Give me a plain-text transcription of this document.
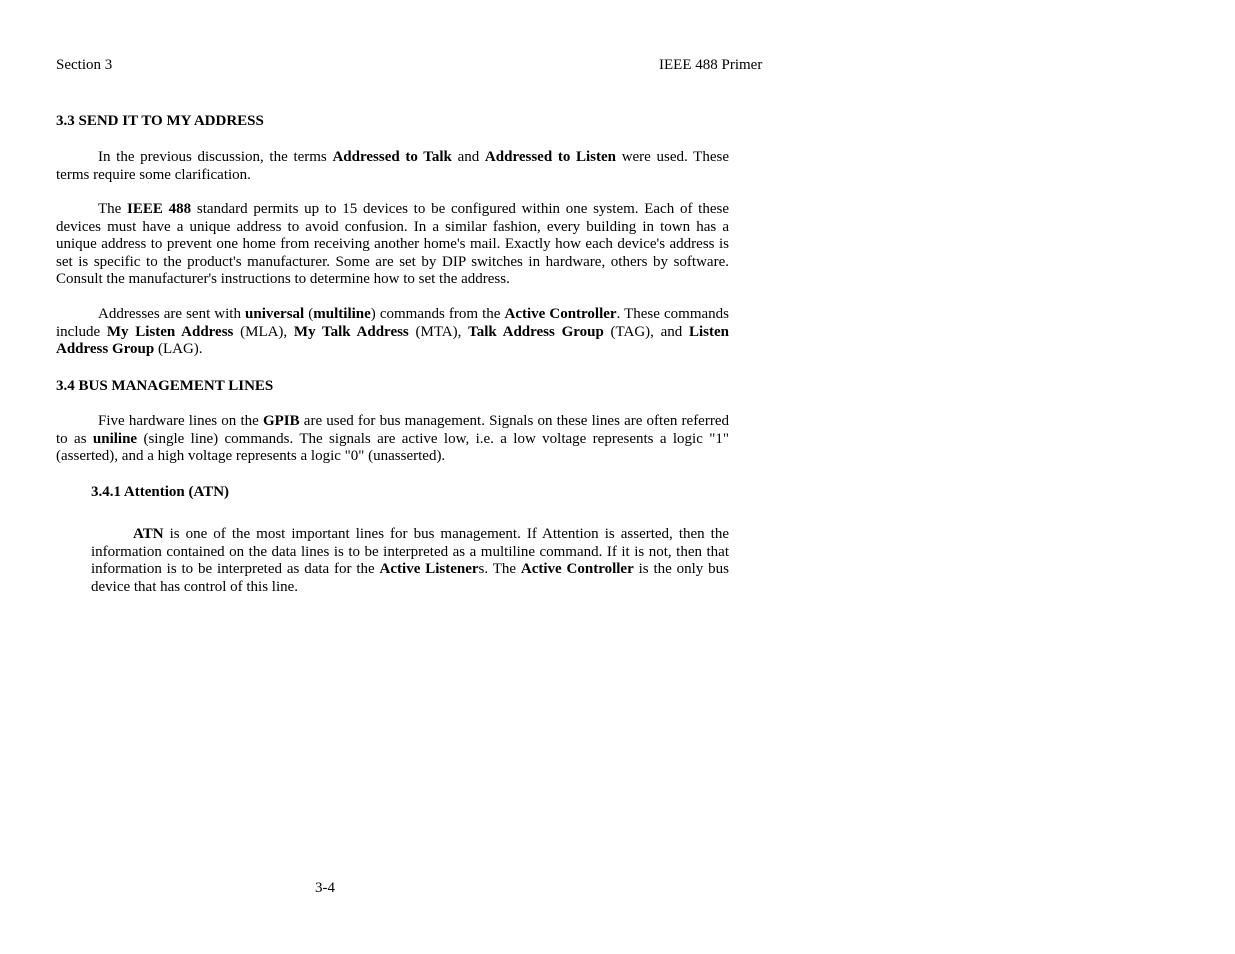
Section 3	IEEE 488 Primer
3.3 SEND IT TO MY ADDRESS

In the previous discussion, the terms Addressed to Talk and Addressed to Listen were used. These terms require some clarification.

The IEEE 488 standard permits up to 15 devices to be configured within one system. Each of these devices must have a unique address to avoid confusion. In a similar fashion, every building in town has a unique address to prevent one home from receiving another home's mail. Exactly how each device's address is set is specific to the product's manufacturer. Some are set by DIP switches in hardware, others by software. Consult the manufacturer's instructions to determine how to set the address.

Addresses are sent with universal (multiline) commands from the Active Controller. These commands include My Listen Address (MLA), My Talk Address (MTA), Talk Address Group (TAG), and Listen Address Group (LAG).

3.4 BUS MANAGEMENT LINES

Five hardware lines on the GPIB are used for bus management. Signals on these lines are often referred to as uniline (single line) commands. The signals are active low, i.e. a low voltage represents a logic "1" (asserted), and a high voltage represents a logic "0" (unasserted).

3.4.1 Attention (ATN)

ATN is one of the most important lines for bus management. If Attention is asserted, then the information contained on the data lines is to be interpreted as a multiline command. If it is not, then that information is to be interpreted as data for the Active Listeners. The Active Controller is the only bus device that has control of this line.

3-4
